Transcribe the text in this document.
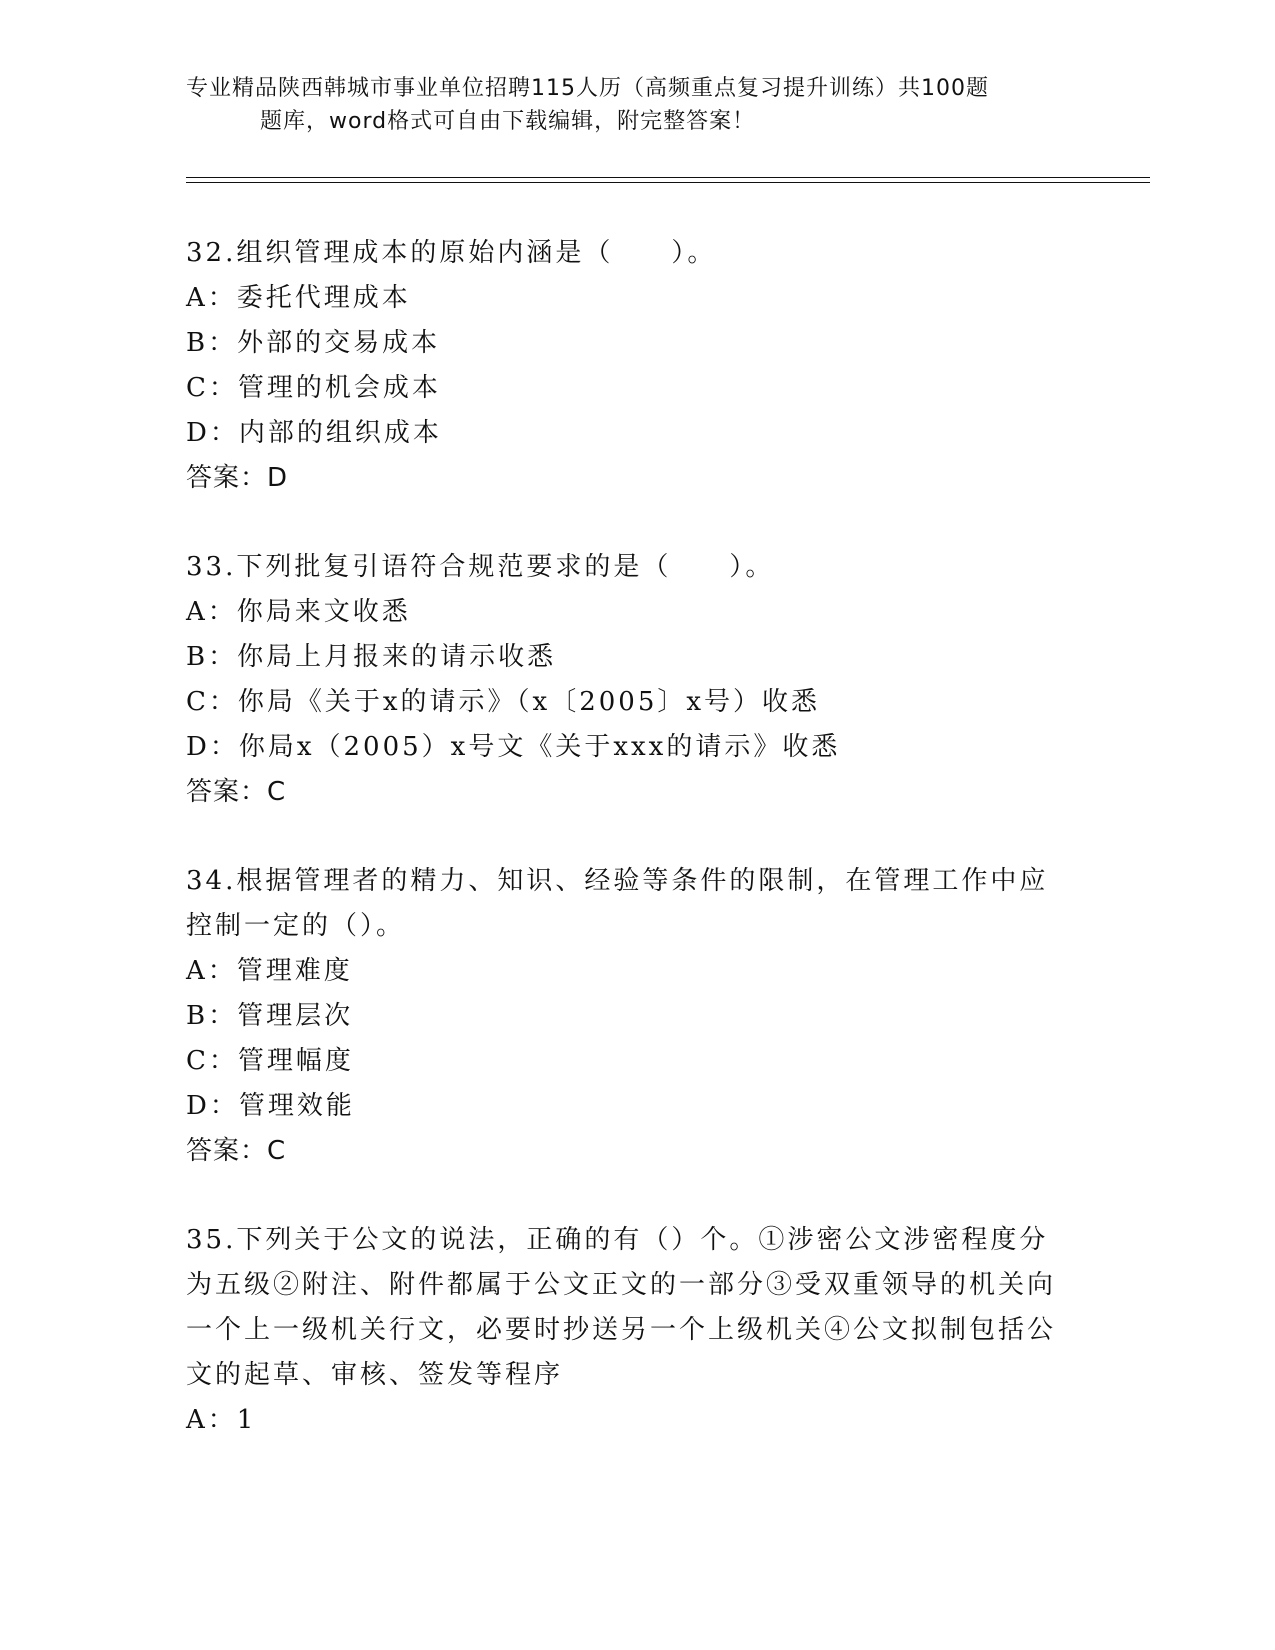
专业精品陕西韩城市事业单位招聘115人历（高频重点复习提升训练）共100题
题库，word格式可自由下载编辑，附完整答案！
32.组织管理成本的原始内涵是（　　）。
A：委托代理成本
B：外部的交易成本
C：管理的机会成本
D：内部的组织成本
答案：D
33.下列批复引语符合规范要求的是（　　）。
A：你局来文收悉
B：你局上月报来的请示收悉
C：你局《关于x的请示》（x〔2005〕x号）收悉
D：你局x（2005）x号文《关于xxx的请示》收悉
答案：C
34.根据管理者的精力、知识、经验等条件的限制，在管理工作中应控制一定的（）。
A：管理难度
B：管理层次
C：管理幅度
D：管理效能
答案：C
35.下列关于公文的说法，正确的有（）个。①涉密公文涉密程度分为五级②附注、附件都属于公文正文的一部分③受双重领导的机关向一个上一级机关行文，必要时抄送另一个上级机关④公文拟制包括公文的起草、审核、签发等程序
A：1
